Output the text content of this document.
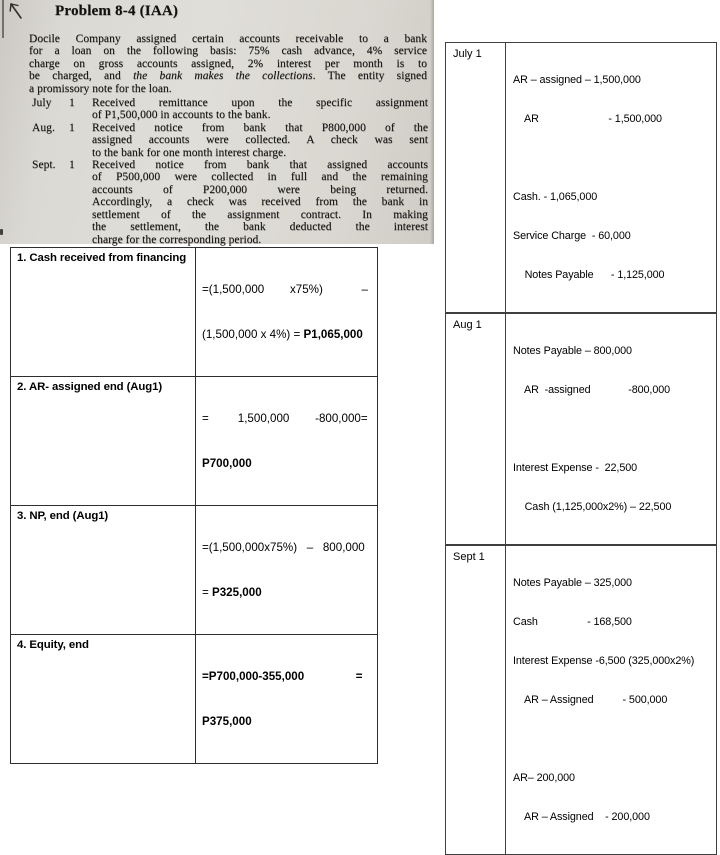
Problem 8-4 (IAA)
Docile Company assigned certain accounts receivable to a bank
for a loan on the following basis: 75% cash advance, 4% service
charge on gross accounts assigned, 2% interest per month is to
be charged, and the bank makes the collections. The entity signed
a promissory note for the loan.
July	1	Received remittance upon the specific assignment
of P1,500,000 in accounts to the bank.
Aug.	1	Received notice from bank that P800,000 of the
assigned accounts were collected. A check was sent
to the bank for one month interest charge.
Sept.	1	Received notice from bank that assigned accounts
of P500,000 were collected in full and the remaining
accounts of P200,000 were being returned.
Accordingly, a check was received from the bank in
settlement of the assignment contract. In making
the settlement, the bank deducted the interest
charge for the corresponding period.
1. Cash received from financing

=(1,500,000        x75%)            –

(1,500,000 x 4%) = P1,065,000

2. AR- assigned end (Aug1)

=         1,500,000        -800,000=

P700,000

3. NP, end (Aug1)

=(1,500,000x75%)   –   800,000

= P325,000

4. Equity, end

=P700,000-355,000                =

P375,000

July 1

AR – assigned – 1,500,000

AR                        - 1,500,000

Cash. - 1,065,000

Service Charge  - 60,000

Notes Payable      - 1,125,000

Aug 1

Notes Payable – 800,000

AR  -assigned             -800,000

Interest Expense -  22,500

Cash (1,125,000x2%) – 22,500

Sept 1

Notes Payable – 325,000

Cash                 - 168,500

Interest Expense -6,500 (325,000x2%)

AR – Assigned          - 500,000

AR– 200,000

AR – Assigned    - 200,000
